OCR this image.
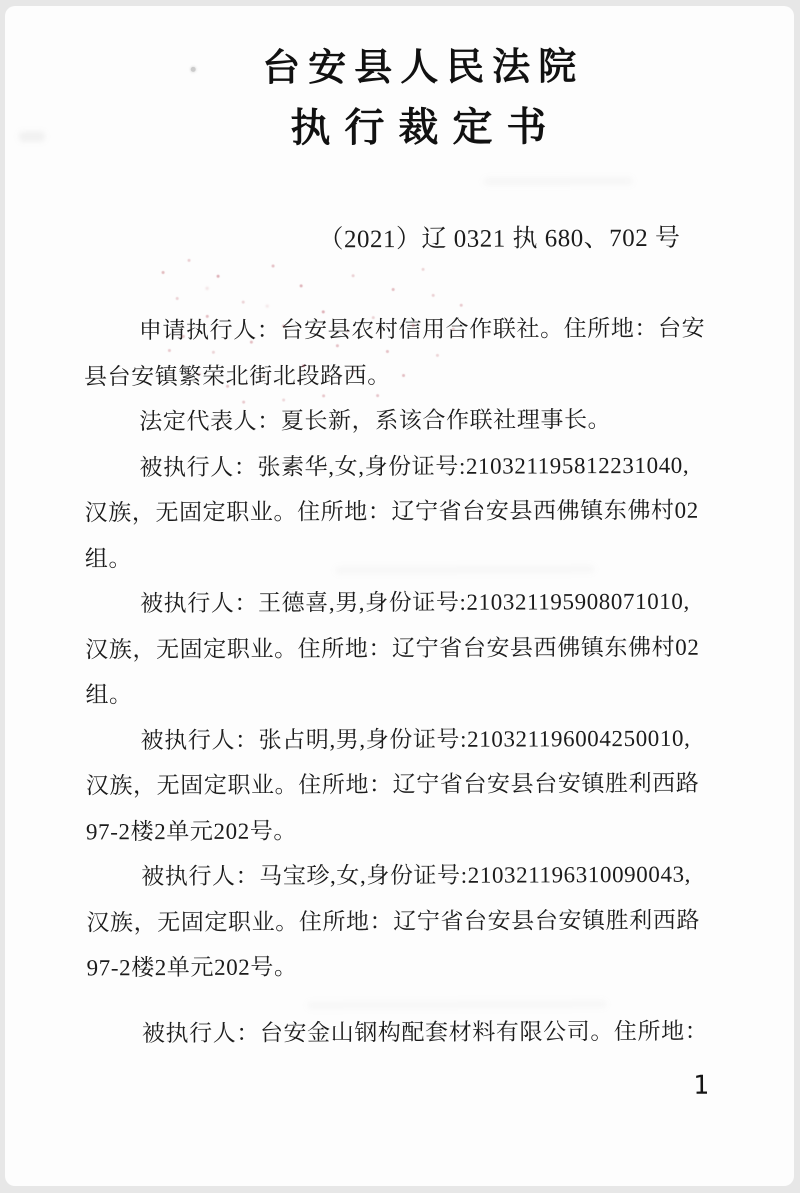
台安县人民法院
执行裁定书
（2021）辽 0321 执 680、702 号
申请执行人：台安县农村信用合作联社。住所地：台安
县台安镇繁荣北街北段路西。
法定代表人：夏长新，系该合作联社理事长。
被执行人：张素华,女,身份证号:210321195812231040,
汉族，无固定职业。住所地：辽宁省台安县西佛镇东佛村02
组。
被执行人：王德喜,男,身份证号:210321195908071010,
汉族，无固定职业。住所地：辽宁省台安县西佛镇东佛村02
组。
被执行人：张占明,男,身份证号:210321196004250010,
汉族，无固定职业。住所地：辽宁省台安县台安镇胜利西路
97-2楼2单元202号。
被执行人：马宝珍,女,身份证号:210321196310090043,
汉族，无固定职业。住所地：辽宁省台安县台安镇胜利西路
97-2楼2单元202号。
被执行人：台安金山钢构配套材料有限公司。住所地：
1
